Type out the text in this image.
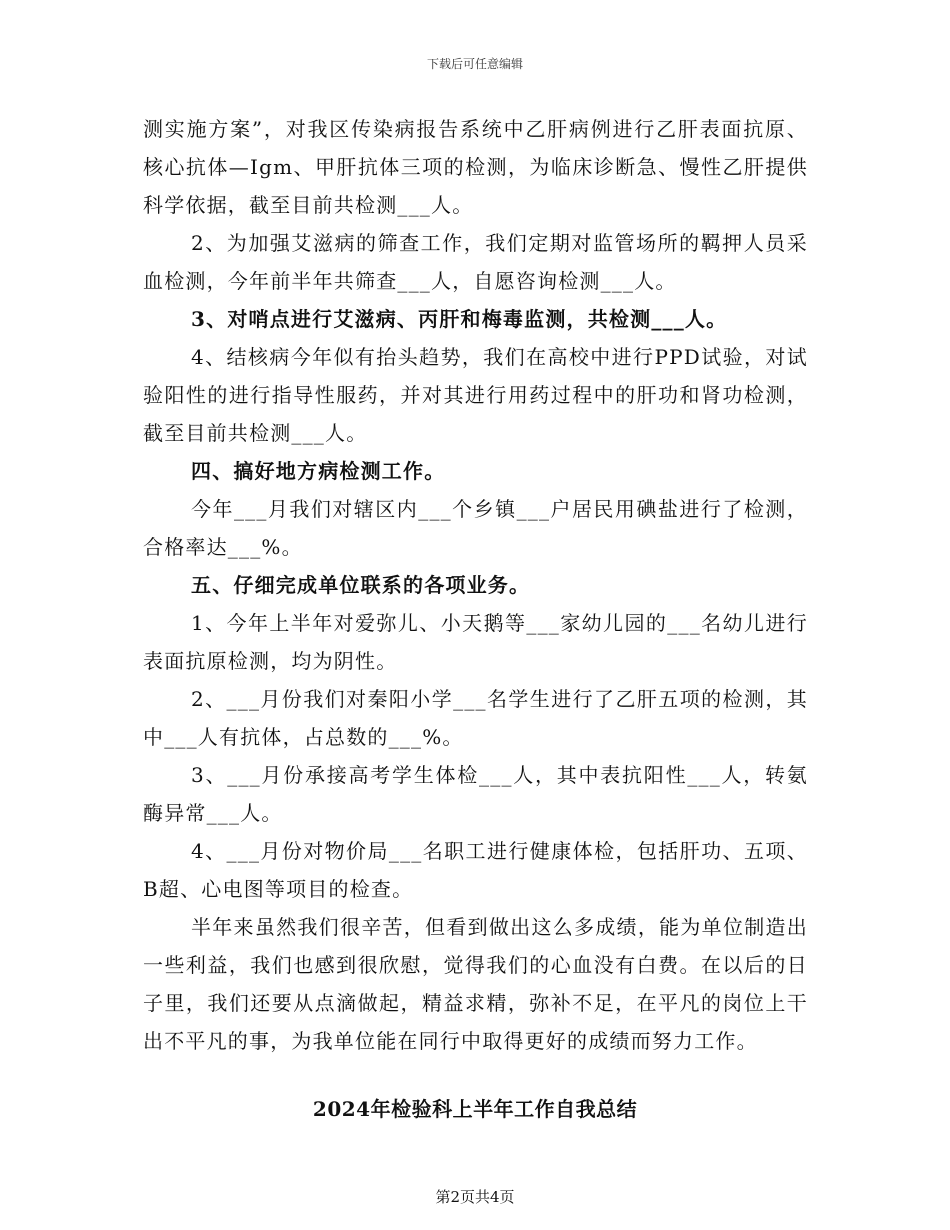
下载后可任意编辑

测实施方案”，对我区传染病报告系统中乙肝病例进行乙肝表面抗原、核心抗体—Igm、甲肝抗体三项的检测，为临床诊断急、慢性乙肝提供科学依据，截至目前共检测___人。

2、为加强艾滋病的筛查工作，我们定期对监管场所的羁押人员采血检测，今年前半年共筛查___人，自愿咨询检测___人。

3、对哨点进行艾滋病、丙肝和梅毒监测，共检测___人。

4、结核病今年似有抬头趋势，我们在高校中进行PPD试验，对试验阳性的进行指导性服药，并对其进行用药过程中的肝功和肾功检测，截至目前共检测___人。

四、搞好地方病检测工作。

今年___月我们对辖区内___个乡镇___户居民用碘盐进行了检测，合格率达___%。

五、仔细完成单位联系的各项业务。

1、今年上半年对爱弥儿、小天鹅等___家幼儿园的___名幼儿进行表面抗原检测，均为阴性。

2、___月份我们对秦阳小学___名学生进行了乙肝五项的检测，其中___人有抗体，占总数的___%。

3、___月份承接高考学生体检___人，其中表抗阳性___人，转氨酶异常___人。

4、___月份对物价局___名职工进行健康体检，包括肝功、五项、B超、心电图等项目的检查。

半年来虽然我们很辛苦，但看到做出这么多成绩，能为单位制造出一些利益，我们也感到很欣慰，觉得我们的心血没有白费。在以后的日子里，我们还要从点滴做起，精益求精，弥补不足，在平凡的岗位上干出不平凡的事，为我单位能在同行中取得更好的成绩而努力工作。

2024年检验科上半年工作自我总结
第2页共4页
